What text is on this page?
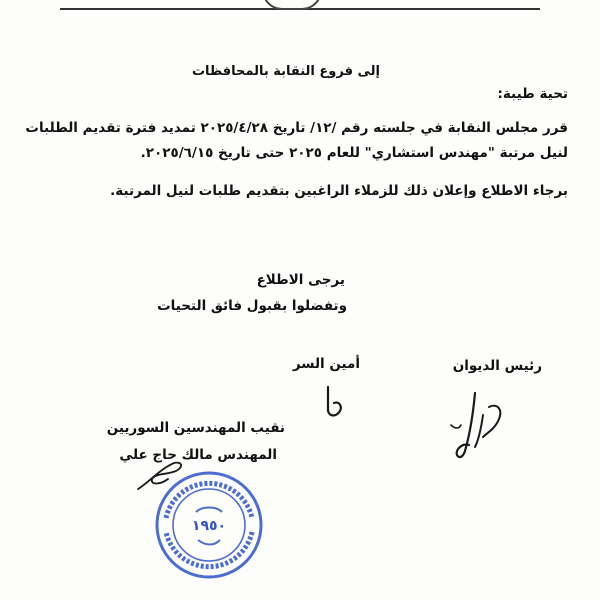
إلى فروع النقابة بالمحافظات
تحية طيبة:
قرر مجلس النقابة في جلسته رقم /١٢/ تاريخ ٢٠٢٥/٤/٢٨ تمديد فترة تقديم الطلبات
لنيل مرتبة "مهندس استشاري" للعام ٢٠٢٥ حتى تاريخ ٢٠٢٥/٦/١٥.
برجاء الاطلاع وإعلان ذلك للزملاء الراغبين بتقديم طلبات لنيل المرتبة.
يرجى الاطلاع
وتفضلوا بقبول فائق التحيات
رئيس الديوان
أمين السر
نقيب المهندسين السوريين
المهندس مالك حاج علي
١٩٥٠
